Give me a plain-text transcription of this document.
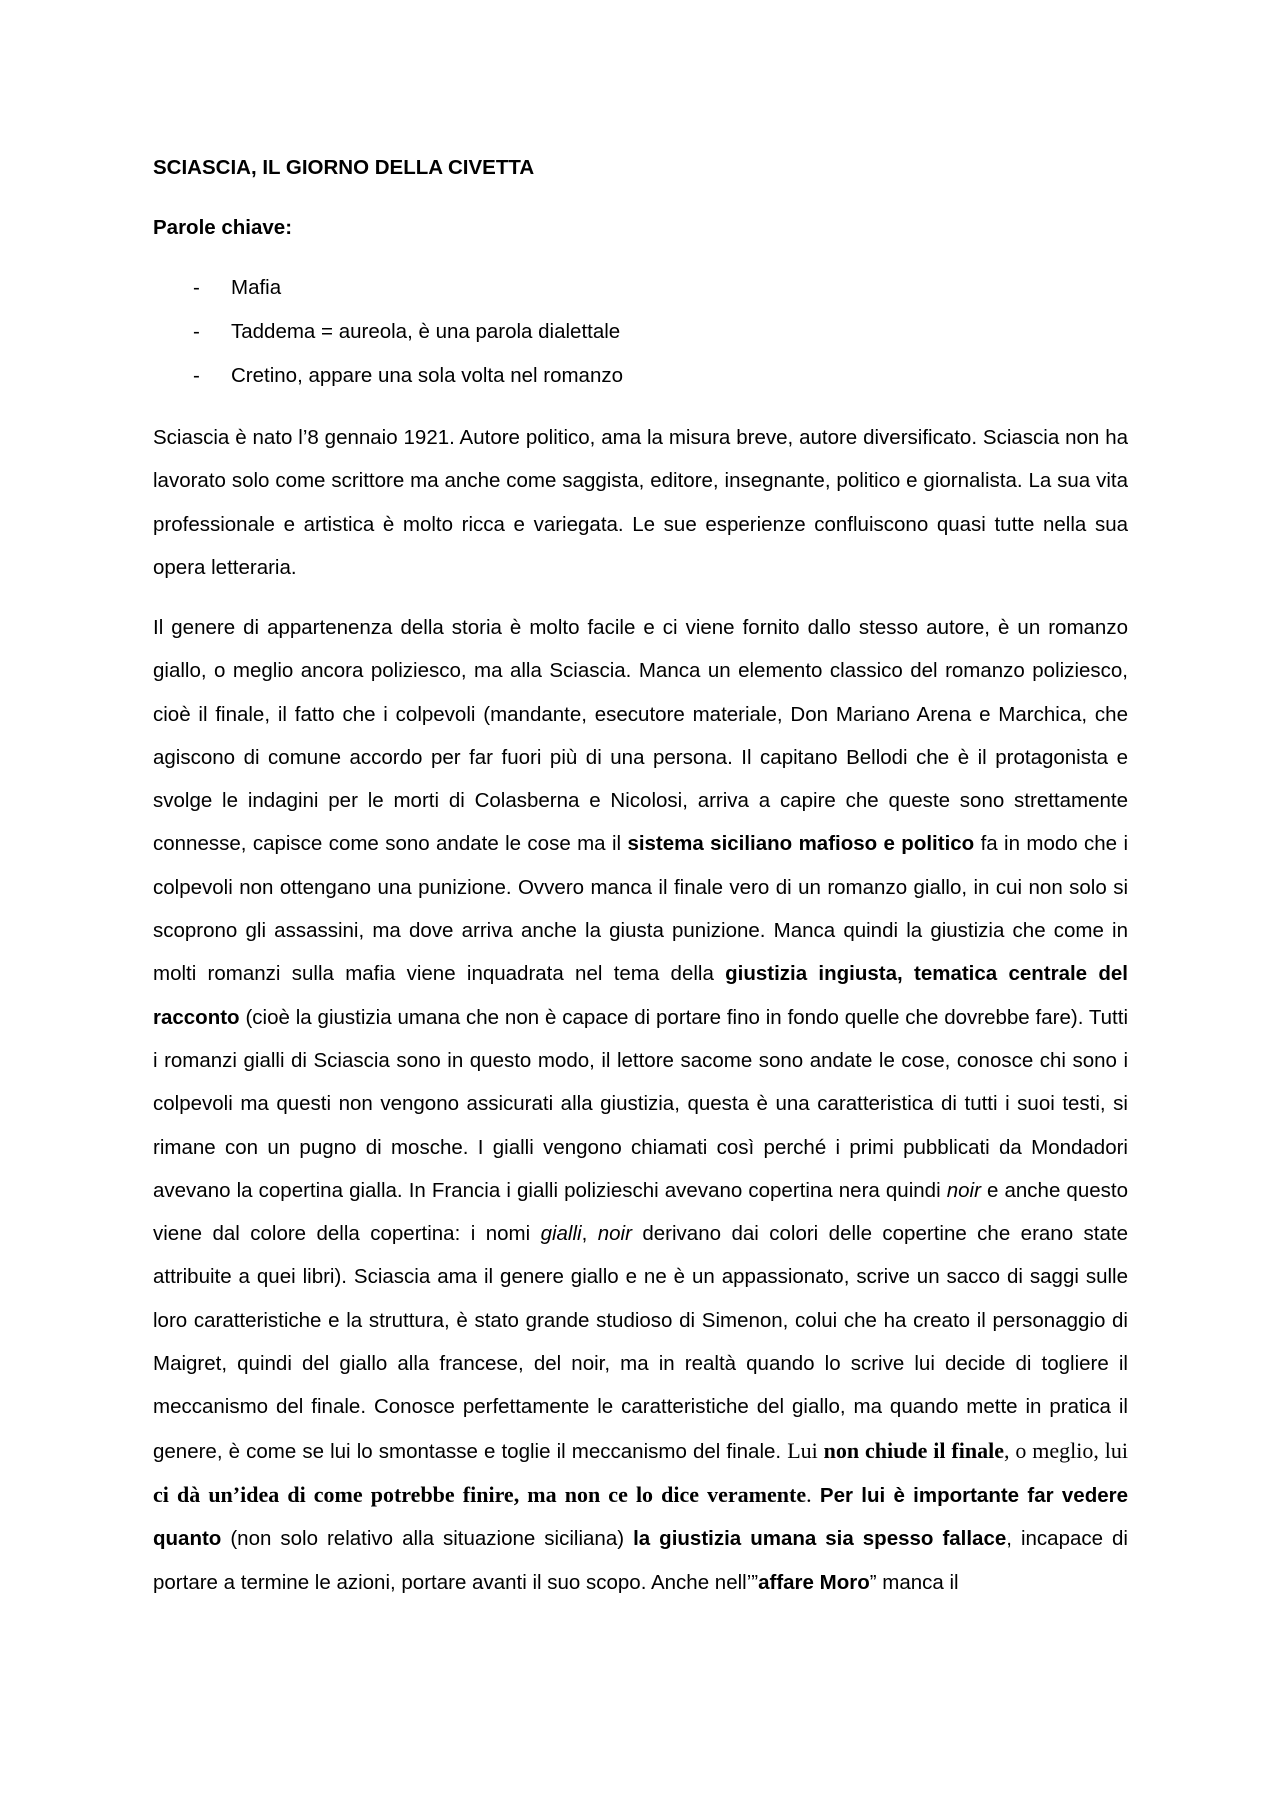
SCIASCIA, IL GIORNO DELLA CIVETTA

Parole chiave:

- Mafia
- Taddema = aureola, è una parola dialettale
- Cretino, appare una sola volta nel romanzo

Sciascia è nato l’8 gennaio 1921. Autore politico, ama la misura breve, autore diversificato. Sciascia non ha lavorato solo come scrittore ma anche come saggista, editore, insegnante, politico e giornalista. La sua vita professionale e artistica è molto ricca e variegata. Le sue esperienze confluiscono quasi tutte nella sua opera letteraria.

Il genere di appartenenza della storia è molto facile e ci viene fornito dallo stesso autore, è un romanzo giallo, o meglio ancora poliziesco, ma alla Sciascia. Manca un elemento classico del romanzo poliziesco, cioè il finale, il fatto che i colpevoli (mandante, esecutore materiale, Don Mariano Arena e Marchica, che agiscono di comune accordo per far fuori più di una persona. Il capitano Bellodi che è il protagonista e svolge le indagini per le morti di Colasberna e Nicolosi, arriva a capire che queste sono strettamente connesse, capisce come sono andate le cose ma il sistema siciliano mafioso e politico fa in modo che i colpevoli non ottengano una punizione. Ovvero manca il finale vero di un romanzo giallo, in cui non solo si scoprono gli assassini, ma dove arriva anche la giusta punizione. Manca quindi la giustizia che come in molti romanzi sulla mafia viene inquadrata nel tema della giustizia ingiusta, tematica centrale del racconto (cioè la giustizia umana che non è capace di portare fino in fondo quelle che dovrebbe fare). Tutti i romanzi gialli di Sciascia sono in questo modo, il lettore sacome sono andate le cose, conosce chi sono i colpevoli ma questi non vengono assicurati alla giustizia, questa è una caratteristica di tutti i suoi testi, si rimane con un pugno di mosche. I gialli vengono chiamati così perché i primi pubblicati da Mondadori avevano la copertina gialla. In Francia i gialli polizieschi avevano copertina nera quindi noir e anche questo viene dal colore della copertina: i nomi gialli, noir derivano dai colori delle copertine che erano state attribuite a quei libri). Sciascia ama il genere giallo e ne è un appassionato, scrive un sacco di saggi sulle loro caratteristiche e la struttura, è stato grande studioso di Simenon, colui che ha creato il personaggio di Maigret, quindi del giallo alla francese, del noir, ma in realtà quando lo scrive lui decide di togliere il meccanismo del finale. Conosce perfettamente le caratteristiche del giallo, ma quando mette in pratica il genere, è come se lui lo smontasse e toglie il meccanismo del finale. Lui non chiude il finale, o meglio, lui ci dà un’idea di come potrebbe finire, ma non ce lo dice veramente. Per lui è importante far vedere quanto (non solo relativo alla situazione siciliana) la giustizia umana sia spesso fallace, incapace di portare a termine le azioni, portare avanti il suo scopo. Anche nell’”affare Moro” manca il
